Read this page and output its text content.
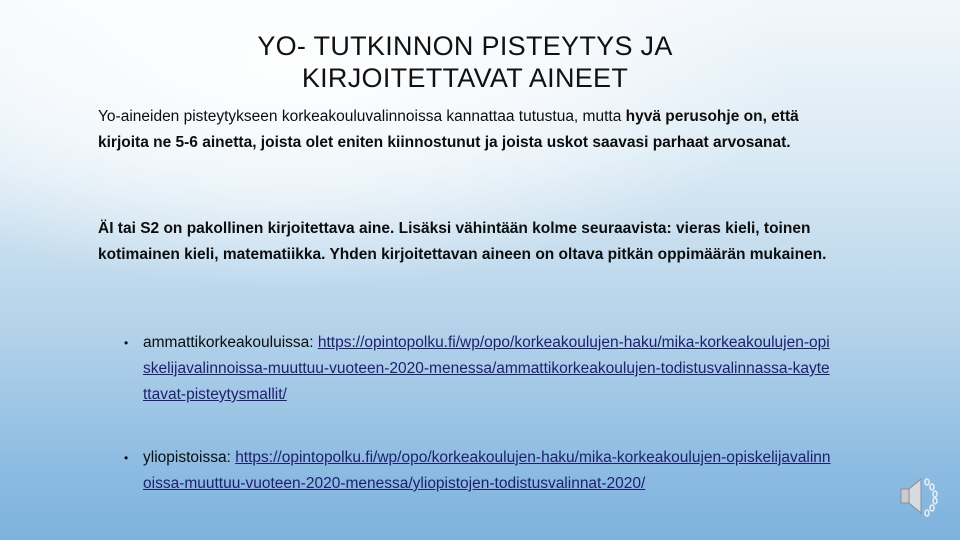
YO- TUTKINNON PISTEYTYS JA
KIRJOITETTAVAT AINEET

Yo-aineiden pisteytykseen korkeakouluvalinnoissa kannattaa tutustua, mutta hyvä perusohje on, että kirjoita ne 5-6 ainetta, joista olet eniten kiinnostunut ja joista uskot saavasi parhaat arvosanat.

ÄI tai S2 on pakollinen kirjoitettava aine. Lisäksi vähintään kolme seuraavista: vieras kieli, toinen kotimainen kieli, matematiikka. Yhden kirjoitettavan aineen on oltava pitkän oppimäärän mukainen.

• ammattikorkeakouluissa: https://opintopolku.fi/wp/opo/korkeakoulujen-haku/mika-korkeakoulujen-opiskelijavalinnoissa-muuttuu-vuoteen-2020-menessa/ammattikorkeakoulujen-todistusvalinnassa-kaytettavat-pisteytysmallit/

• yliopistoissa: https://opintopolku.fi/wp/opo/korkeakoulujen-haku/mika-korkeakoulujen-opiskelijavalinnoissa-muuttuu-vuoteen-2020-menessa/yliopistojen-todistusvalinnat-2020/
